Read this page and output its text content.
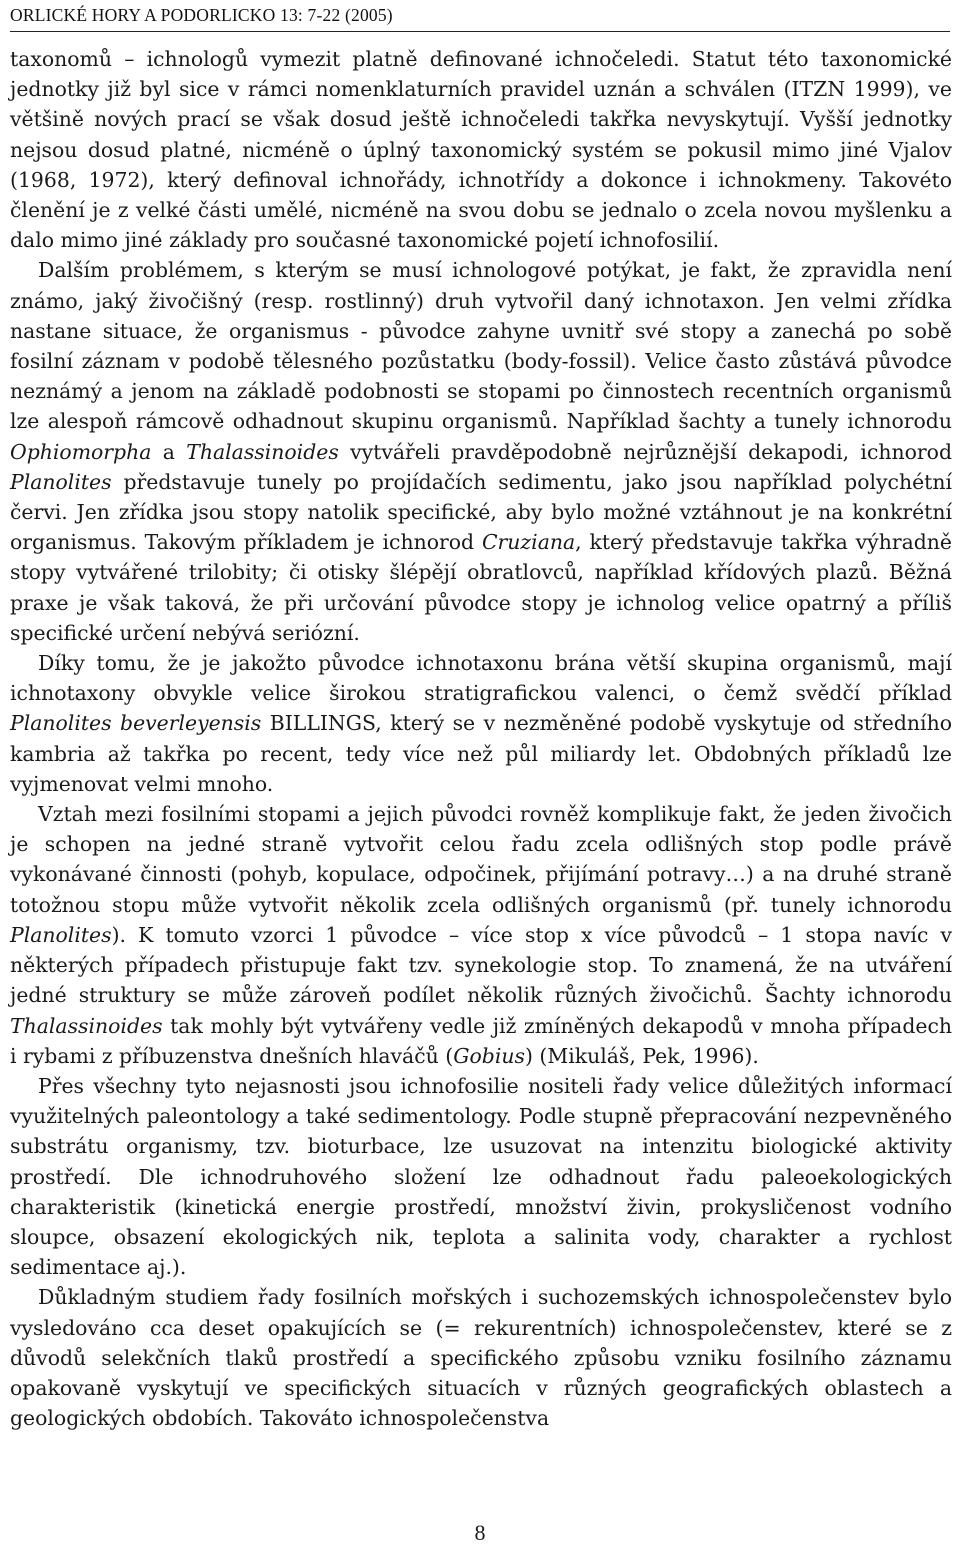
ORLICKÉ HORY A PODORLICKO 13: 7-22 (2005)

taxonomů – ichnologů vymezit platně definované ichnočeledi. Statut této taxonomické jednotky již byl sice v rámci nomenklaturních pravidel uznán a schválen (ITZN 1999), ve většině nových prací se však dosud ještě ichnočeledi takřka nevyskytují. Vyšší jednotky nejsou dosud platné, nicméně o úplný taxonomický systém se pokusil mimo jiné Vjalov (1968, 1972), který definoval ichnořády, ichnotřídy a dokonce i ichnokmeny. Takovéto členění je z velké části umělé, nicméně na svou dobu se jednalo o zcela novou myšlenku a dalo mimo jiné základy pro současné taxonomické pojetí ichnofosilií.

Dalším problémem, s kterým se musí ichnologové potýkat, je fakt, že zpravidla není známo, jaký živočišný (resp. rostlinný) druh vytvořil daný ichnotaxon. Jen velmi zřídka nastane situace, že organismus - původce zahyne uvnitř své stopy a zanechá po sobě fosilní záznam v podobě tělesného pozůstatku (body-fossil). Velice často zůstává původce neznámý a jenom na základě podobnosti se stopami po činnostech recentních organismů lze alespoň rámcově odhadnout skupinu organismů. Například šachty a tunely ichnorodu Ophiomorpha a Thalassinoides vytvářeli pravděpodobně nejrůznější dekapodi, ichnorod Planolites představuje tunely po projídačích sedimentu, jako jsou například polychétní červi. Jen zřídka jsou stopy natolik specifické, aby bylo možné vztáhnout je na konkrétní organismus. Takovým příkladem je ichnorod Cruziana, který představuje takřka výhradně stopy vytvářené trilobity; či otisky šlépějí obratlovců, například křídových plazů. Běžná praxe je však taková, že při určování původce stopy je ichnolog velice opatrný a příliš specifické určení nebývá seriózní.

Díky tomu, že je jakožto původce ichnotaxonu brána větší skupina organismů, mají ichnotaxony obvykle velice širokou stratigrafickou valenci, o čemž svědčí příklad Planolites beverleyensis BILLINGS, který se v nezměněné podobě vyskytuje od středního kambria až takřka po recent, tedy více než půl miliardy let. Obdobných příkladů lze vyjmenovat velmi mnoho.

Vztah mezi fosilními stopami a jejich původci rovněž komplikuje fakt, že jeden živočich je schopen na jedné straně vytvořit celou řadu zcela odlišných stop podle právě vykonávané činnosti (pohyb, kopulace, odpočinek, přijímání potravy…) a na druhé straně totožnou stopu může vytvořit několik zcela odlišných organismů (př. tunely ichnorodu Planolites). K tomuto vzorci 1 původce – více stop x více původců – 1 stopa navíc v některých případech přistupuje fakt tzv. synekologie stop. To znamená, že na utváření jedné struktury se může zároveň podílet několik různých živočichů. Šachty ichnorodu Thalassinoides tak mohly být vytvářeny vedle již zmíněných dekapodů v mnoha případech i rybami z příbuzenstva dnešních hlaváčů (Gobius) (Mikuláš, Pek, 1996).

Přes všechny tyto nejasnosti jsou ichnofosilie nositeli řady velice důležitých informací využitelných paleontology a také sedimentology. Podle stupně přepracování nezpevněného substrátu organismy, tzv. bioturbace, lze usuzovat na intenzitu biologické aktivity prostředí. Dle ichnodruhového složení lze odhadnout řadu paleoekologických charakteristik (kinetická energie prostředí, množství živin, prokysličenost vodního sloupce, obsazení ekologických nik, teplota a salinita vody, charakter a rychlost sedimentace aj.).

Důkladným studiem řady fosilních mořských i suchozemských ichnospolečenstev bylo vysledováno cca deset opakujících se (= rekurentních) ichnospolečenstev, které se z důvodů selekčních tlaků prostředí a specifického způsobu vzniku fosilního záznamu opakovaně vyskytují ve specifických situacích v různých geografických oblastech a geologických obdobích. Takováto ichnospolečenstva

8
